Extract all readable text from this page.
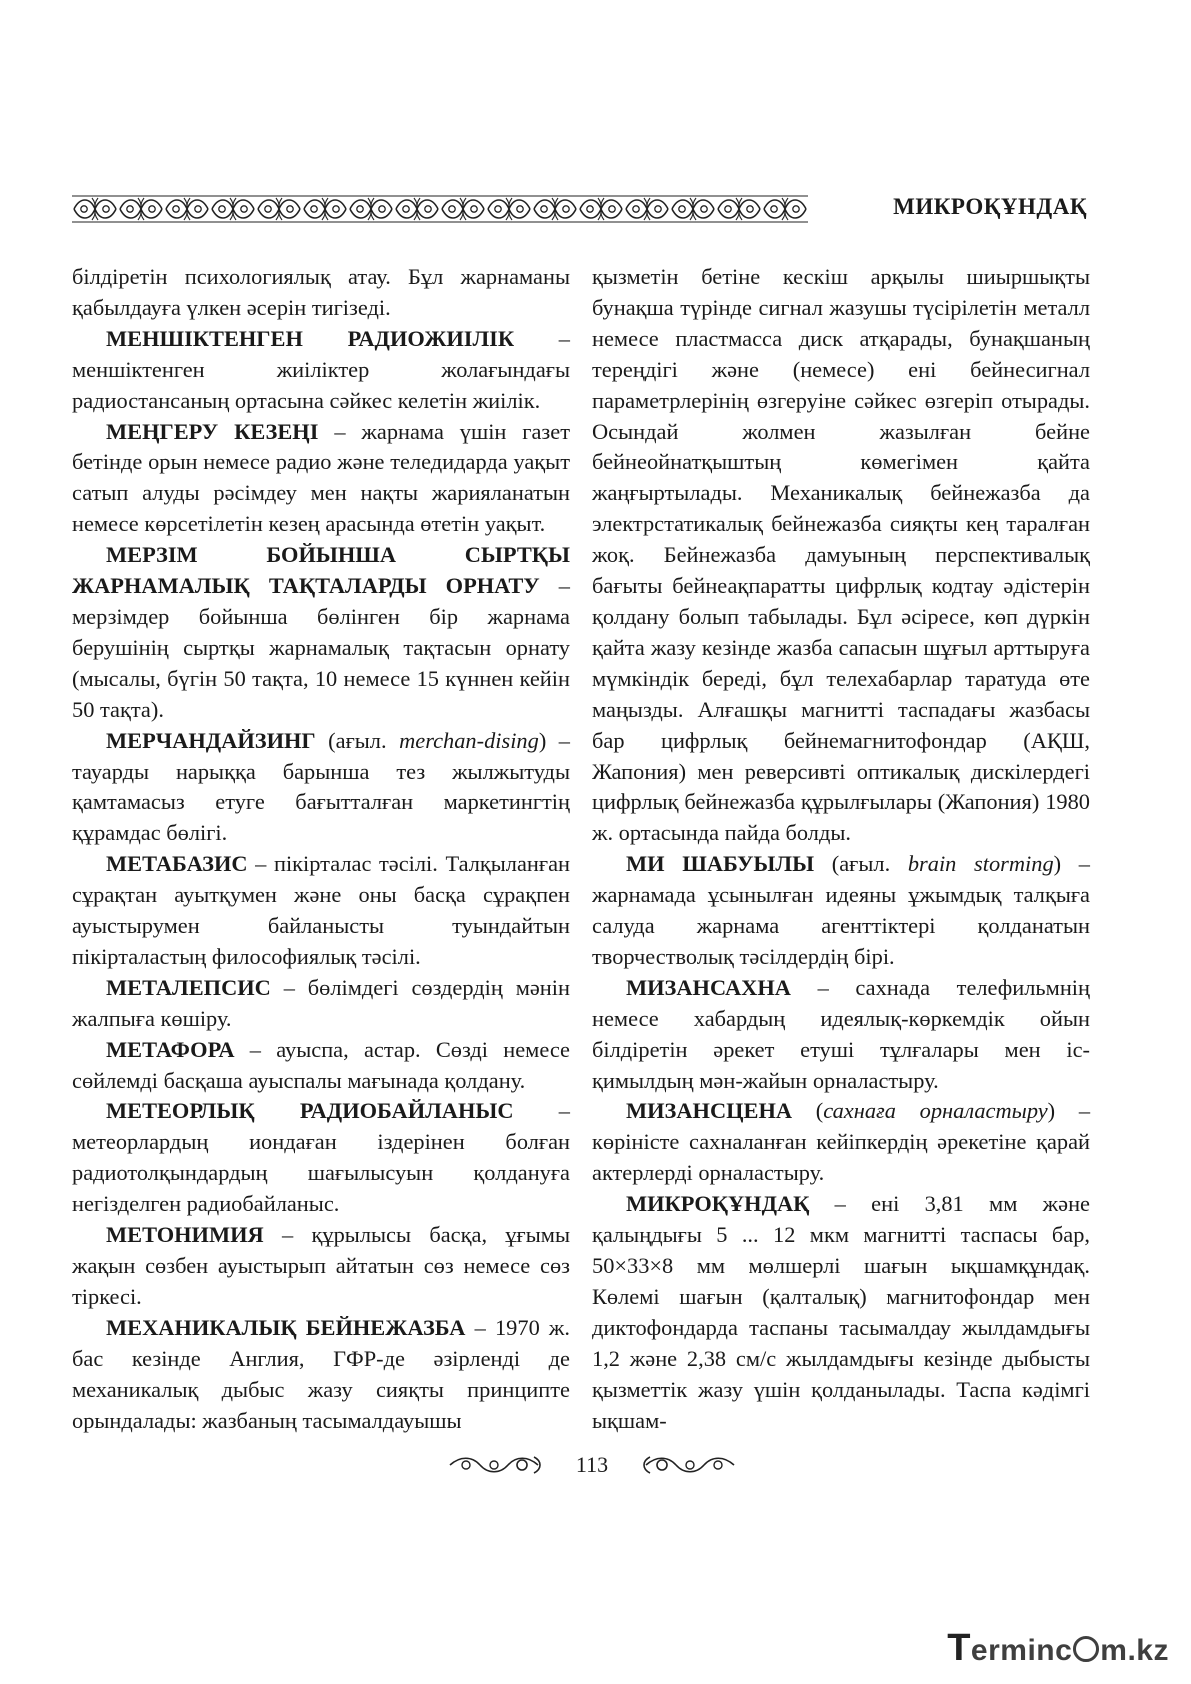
МИКРОҚҰНДАҚ

білдіретін психологиялық атау. Бұл жарнаманы қабылдауға үлкен әсерін тигізеді.

МЕНШІКТЕНГЕН РАДИОЖИІЛІК – меншіктенген жиіліктер жолағындағы радиостансаның ортасына сәйкес келетін жиілік.

МЕҢГЕРУ КЕЗЕҢІ – жарнама үшін газет бетінде орын немесе радио және теледидарда уақыт сатып алуды рәсімдеу мен нақты жарияланатын немесе көрсетілетін кезең арасында өтетін уақыт.

МЕРЗІМ БОЙЫНША СЫРТҚЫ ЖАРНАМАЛЫҚ ТАҚТАЛАРДЫ ОРНАТУ – мерзімдер бойынша бөлінген бір жарнама берушінің сыртқы жарнамалық тақтасын орнату (мысалы, бүгін 50 тақта, 10 немесе 15 күннен кейін 50 тақта).

МЕРЧАНДАЙЗИНГ (ағыл. merchan-dising) – тауарды нарыққа барынша тез жылжытуды қамтамасыз етуге бағытталған маркетингтің құрамдас бөлігі.

МЕТАБАЗИС – пікірталас тәсілі. Талқыланған сұрақтан ауытқумен және оны басқа сұрақпен ауыстырумен байланысты туындайтын пікірталастың философиялық тәсілі.

МЕТАЛЕПСИС – бөлімдегі сөздердің мәнін жалпыға көшіру.

МЕТАФОРА – ауыспа, астар. Сөзді немесе сөйлемді басқаша ауыспалы мағынада қолдану.

МЕТЕОРЛЫҚ РАДИОБАЙЛАНЫС – метеорлардың иондаған іздерінен болған радиотолқындардың шағылысуын қолдануға негізделген радиобайланыс.

МЕТОНИМИЯ – құрылысы басқа, ұғымы жақын сөзбен ауыстырып айтатын сөз немесе сөз тіркесі.

МЕХАНИКАЛЫҚ БЕЙНЕЖАЗБА – 1970 ж. бас кезінде Англия, ГФР-де әзірленді де механикалық дыбыс жазу сияқты принципте орындалады: жазбаның тасымалдауышы

қызметін бетіне кескіш арқылы шиыршықты бунақша түрінде сигнал жазушы түсірілетін металл немесе пластмасса диск атқарады, бунақшаның тереңдігі және (немесе) ені бейнесигнал параметрлерінің өзгеруіне сәйкес өзгеріп отырады. Осындай жолмен жазылған бейне бейнеойнатқыштың көмегімен қайта жаңғыртылады. Механикалық бейнежазба да электрстатикалық бейнежазба сияқты кең таралған жоқ. Бейнежазба дамуының перспективалық бағыты бейнеақпаратты цифрлық кодтау әдістерін қолдану болып табылады. Бұл әсіресе, көп дүркін қайта жазу кезінде жазба сапасын шұғыл арттыруға мүмкіндік береді, бұл телехабарлар таратуда өте маңызды. Алғашқы магнитті таспадағы жазбасы бар цифрлық бейнемагнитофондар (АҚШ, Жапония) мен реверсивті оптикалық дискілердегі цифрлық бейнежазба құрылғылары (Жапония) 1980 ж. ортасында пайда болды.

МИ ШАБУЫЛЫ (ағыл. brain storming) – жарнамада ұсынылған идеяны ұжымдық талқыға салуда жарнама агенттіктері қолданатын творчестволық тәсілдердің бірі.

МИЗАНСАХНА – сахнада телефильмнің немесе хабардың идеялық-көркемдік ойын білдіретін әрекет етуші тұлғалары мен іс-қимылдың мән-жайын орналастыру.

МИЗАНСЦЕНА (сахнаға орналастыру) – көріністе сахналанған кейіпкердің әрекетіне қарай актерлерді орналастыру.

МИКРОҚҰНДАҚ – ені 3,81 мм және қалыңдығы 5 ... 12 мкм магнитті таспасы бар, 50×33×8 мм мөлшерлі шағын ықшамқұндақ. Көлемі шағын (қалталық) магнитофондар мен диктофондарда таспаны тасымалдау жылдамдығы 1,2 және 2,38 см/с жылдамдығы кезінде дыбысты қызметтік жазу үшін қолданылады. Таспа кәдімгі ықшам-

113
Terminc m.kz
